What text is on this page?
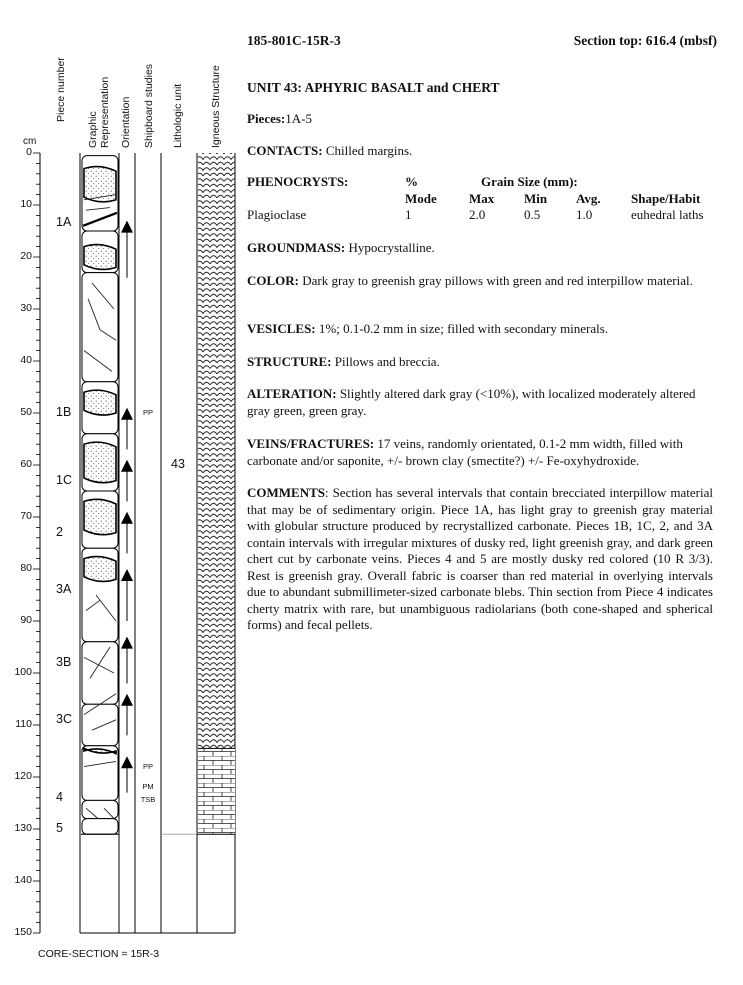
Piece number
Graphic Representation Orientation Shipboard studies Lithologic unit Igneous Structure
cm
0
10
20
30
40
50
60
70
80
90
100
110
120
130
140
150
1A
1B
1C
2
3A
3B
3C
4
5
PP
PP
PM
TSB
43
CORE-SECTION = 15R-3
185-801C-15R-3	Section top: 616.4 (mbsf)
UNIT 43: APHYRIC BASALT and CHERT

Pieces:1A-5

CONTACTS: Chilled margins.

PHENOCRYSTS:	%	Grain Size (mm):			
	Mode	Max	Min	Avg.	Shape/Habit
Plagioclase	1	2.0	0.5	1.0	euhedral laths

GROUNDMASS: Hypocrystalline.

COLOR: Dark gray to greenish gray pillows with green and red interpillow material.

VESICLES: 1%; 0.1-0.2 mm in size; filled with secondary minerals.

STRUCTURE: Pillows and breccia.

ALTERATION: Slightly altered dark gray (<10%), with localized moderately altered gray green, green gray.

VEINS/FRACTURES: 17 veins, randomly orientated, 0.1-2 mm width, filled with carbonate and/or saponite, +/- brown clay (smectite?) +/- Fe-oxyhydroxide.

COMMENTS: Section has several intervals that contain brecciated interpillow material that may be of sedimentary origin. Piece 1A, has light gray to greenish gray material with globular structure produced by recrystallized carbonate. Pieces 1B, 1C, 2, and 3A contain intervals with irregular mixtures of dusky red, light greenish gray, and dark green chert cut by carbonate veins. Pieces 4 and 5 are mostly dusky red colored (10 R 3/3). Rest is greenish gray. Overall fabric is coarser than red material in overlying intervals due to abundant submillimeter-sized carbonate blebs. Thin section from Piece 4 indicates cherty matrix with rare, but unambiguous radiolarians (both cone-shaped and spherical forms) and fecal pellets.
